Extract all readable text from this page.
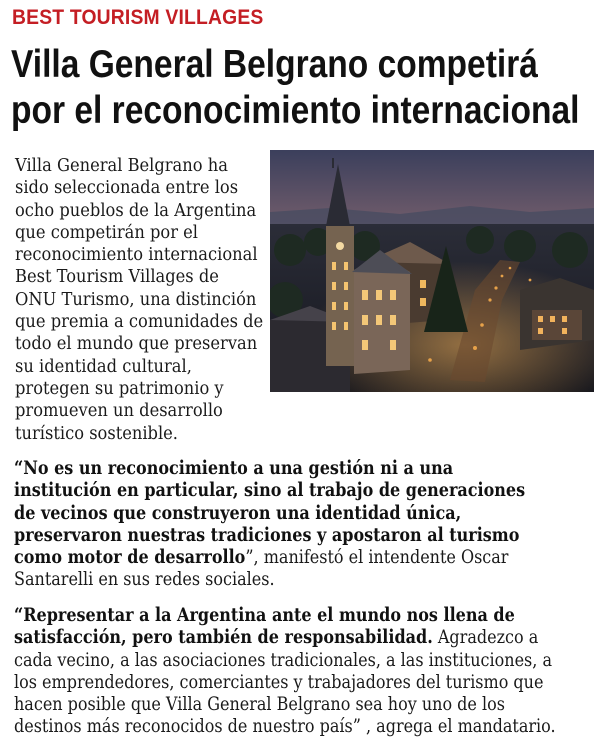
BEST TOURISM VILLAGES
Villa General Belgrano competirá
por el reconocimiento internacional

Villa General Belgrano ha
sido seleccionada entre los
ocho pueblos de la Argentina
que competirán por el
reconocimiento internacional
Best Tourism Villages de
ONU Turismo, una distinción
que premia a comunidades de
todo el mundo que preservan
su identidad cultural,
protegen su patrimonio y
promueven un desarrollo
turístico sostenible.

“No es un reconocimiento a una gestión ni a una
institución en particular, sino al trabajo de generaciones
de vecinos que construyeron una identidad única,
preservaron nuestras tradiciones y apostaron al turismo
como motor de desarrollo”, manifestó el intendente Oscar
Santarelli en sus redes sociales.

“Representar a la Argentina ante el mundo nos llena de
satisfacción, pero también de responsabilidad. Agradezco a
cada vecino, a las asociaciones tradicionales, a las instituciones, a
los emprendedores, comerciantes y trabajadores del turismo que
hacen posible que Villa General Belgrano sea hoy uno de los
destinos más reconocidos de nuestro país” , agrega el mandatario.
